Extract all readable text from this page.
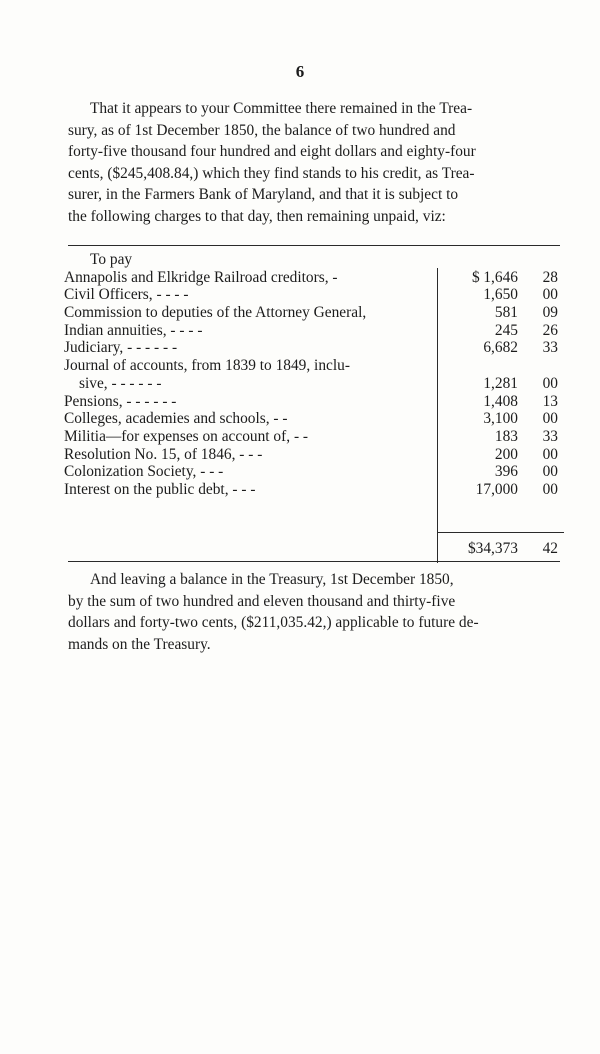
6
That it appears to your Committee there remained in the Trea-
sury, as of 1st December 1850, the balance of two hundred and
forty-five thousand four hundred and eight dollars and eighty-four
cents, ($245,408.84,) which they find stands to his credit, as Trea-
surer, in the Farmers Bank of Maryland, and that it is subject to
the following charges to that day, then remaining unpaid, viz:
To pay
Annapolis and Elkridge Railroad creditors, -	$ 1,646	28
Civil Officers, - - - -	1,650	00
Commission to deputies of the Attorney General,	581	09
Indian annuities, - - - -	245	26
Judiciary, - - - - - -	6,682	33
Journal of accounts, from 1839 to 1849, inclu-
sive, - - - - - -	1,281	00
Pensions, - - - - - -	1,408	13
Colleges, academies and schools, - -	3,100	00
Militia—for expenses on account of, - -	183	33
Resolution No. 15, of 1846, - - -	200	00
Colonization Society, - - -	396	00
Interest on the public debt, - - -	17,000	00
$34,373	42
And leaving a balance in the Treasury, 1st December 1850,
by the sum of two hundred and eleven thousand and thirty-five
dollars and forty-two cents, ($211,035.42,) applicable to future de-
mands on the Treasury.
